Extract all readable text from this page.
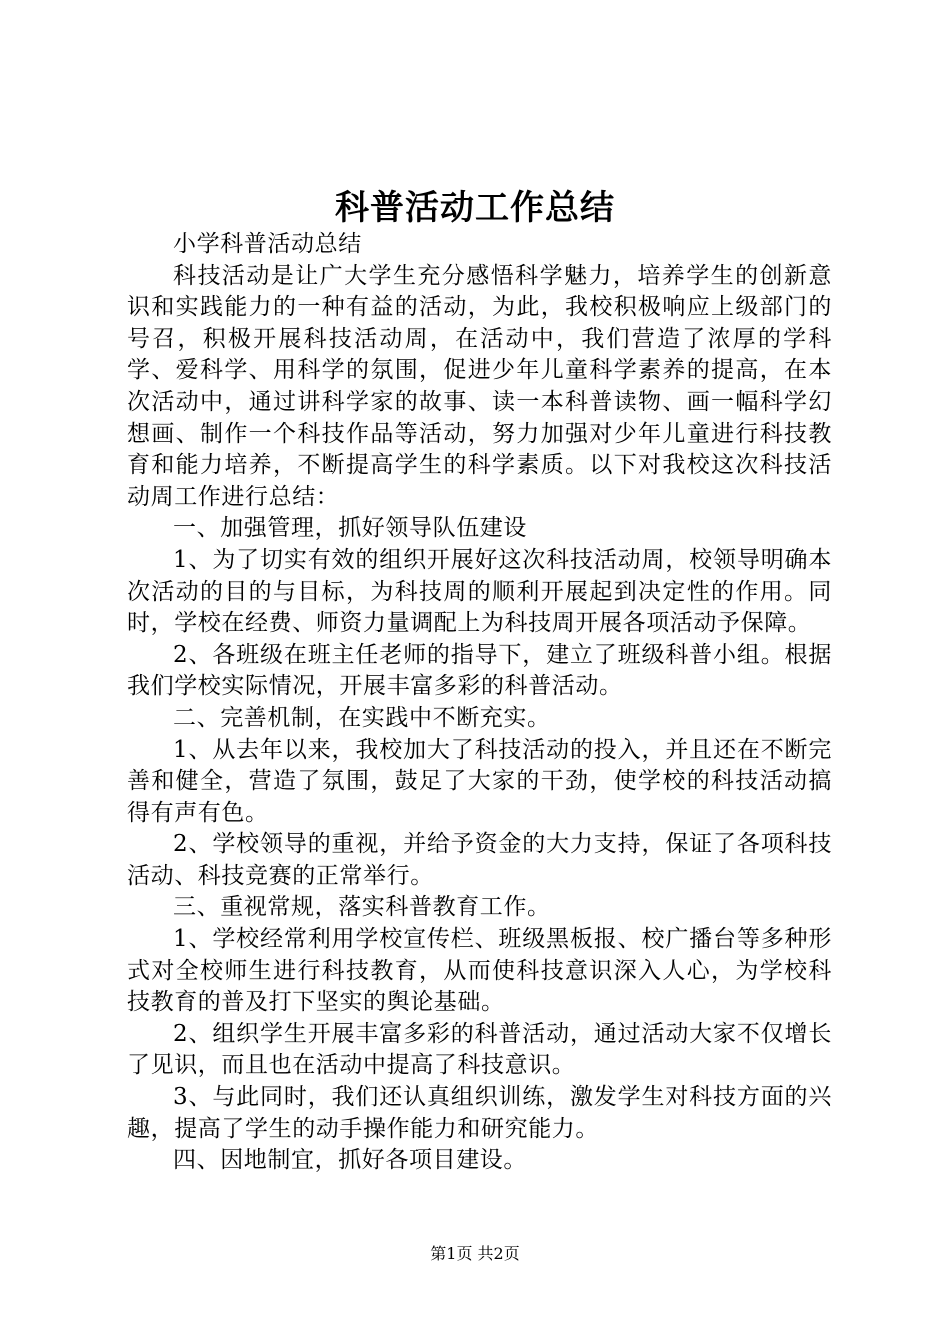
科普活动工作总结

小学科普活动总结

科技活动是让广大学生充分感悟科学魅力，培养学生的创新意识和实践能力的一种有益的活动，为此，我校积极响应上级部门的号召，积极开展科技活动周，在活动中，我们营造了浓厚的学科学、爱科学、用科学的氛围，促进少年儿童科学素养的提高，在本次活动中，通过讲科学家的故事、读一本科普读物、画一幅科学幻想画、制作一个科技作品等活动，努力加强对少年儿童进行科技教育和能力培养，不断提高学生的科学素质。以下对我校这次科技活动周工作进行总结：

一、加强管理，抓好领导队伍建设

1、为了切实有效的组织开展好这次科技活动周，校领导明确本次活动的目的与目标，为科技周的顺利开展起到决定性的作用。同时，学校在经费、师资力量调配上为科技周开展各项活动予保障。

2、各班级在班主任老师的指导下，建立了班级科普小组。根据我们学校实际情况，开展丰富多彩的科普活动。

二、完善机制，在实践中不断充实。

1、从去年以来，我校加大了科技活动的投入，并且还在不断完善和健全，营造了氛围，鼓足了大家的干劲，使学校的科技活动搞得有声有色。

2、学校领导的重视，并给予资金的大力支持，保证了各项科技活动、科技竞赛的正常举行。

三、重视常规，落实科普教育工作。

1、学校经常利用学校宣传栏、班级黑板报、校广播台等多种形式对全校师生进行科技教育，从而使科技意识深入人心，为学校科技教育的普及打下坚实的舆论基础。

2、组织学生开展丰富多彩的科普活动，通过活动大家不仅增长了见识，而且也在活动中提高了科技意识。

3、与此同时，我们还认真组织训练，激发学生对科技方面的兴趣，提高了学生的动手操作能力和研究能力。

四、因地制宜，抓好各项目建设。

第1页 共2页
